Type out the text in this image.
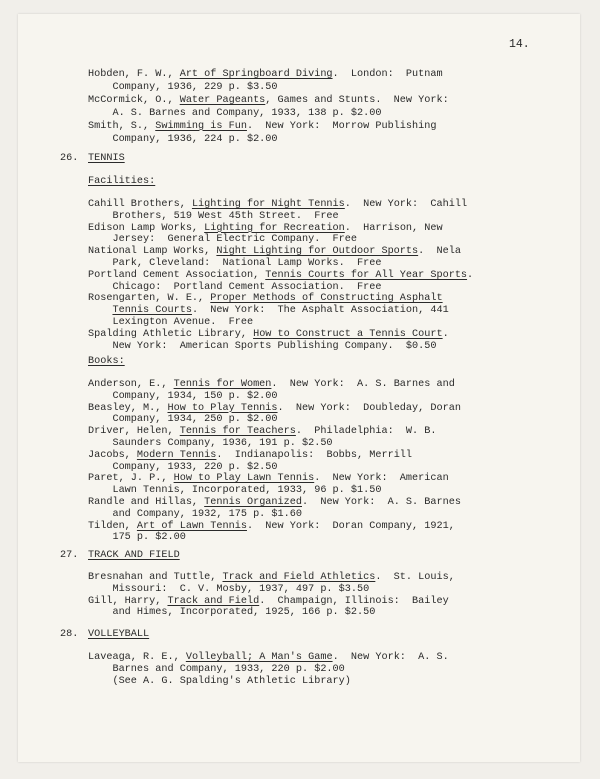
14.
26. TENNIS
Facilities:
Books:
27. TRACK AND FIELD
28. VOLLEYBALL
Hobden, F. W., Art of Springboard Diving.  London:  Putnam
Company, 1936, 229 p. $3.50
McCormick, O., Water Pageants, Games and Stunts.  New York:
A. S. Barnes and Company, 1933, 138 p. $2.00
Smith, S., Swimming is Fun.  New York:  Morrow Publishing
Company, 1936, 224 p. $2.00
Cahill Brothers, Lighting for Night Tennis.  New York:  Cahill
Brothers, 519 West 45th Street.  Free
Edison Lamp Works, Lighting for Recreation.  Harrison, New
Jersey:  General Electric Company.  Free
National Lamp Works, Night Lighting for Outdoor Sports.  Nela
Park, Cleveland:  National Lamp Works.  Free
Portland Cement Association, Tennis Courts for All Year Sports.
Chicago:  Portland Cement Association.  Free
Rosengarten, W. E., Proper Methods of Constructing Asphalt
Tennis Courts.  New York:  The Asphalt Association, 441
Lexington Avenue.  Free
Spalding Athletic Library, How to Construct a Tennis Court.
New York:  American Sports Publishing Company.  $0.50
Anderson, E., Tennis for Women.  New York:  A. S. Barnes and
Company, 1934, 150 p. $2.00
Beasley, M., How to Play Tennis.  New York:  Doubleday, Doran
Company, 1934, 250 p. $2.00
Driver, Helen, Tennis for Teachers.  Philadelphia:  W. B.
Saunders Company, 1936, 191 p. $2.50
Jacobs, Modern Tennis.  Indianapolis:  Bobbs, Merrill
Company, 1933, 220 p. $2.50
Paret, J. P., How to Play Lawn Tennis.  New York:  American
Lawn Tennis, Incorporated, 1933, 96 p. $1.50
Randle and Hillas, Tennis Organized.  New York:  A. S. Barnes
and Company, 1932, 175 p. $1.60
Tilden, Art of Lawn Tennis.  New York:  Doran Company, 1921,
175 p. $2.00
Bresnahan and Tuttle, Track and Field Athletics.  St. Louis,
Missouri:  C. V. Mosby, 1937, 497 p. $3.50
Gill, Harry, Track and Field.  Champaign, Illinois:  Bailey
and Himes, Incorporated, 1925, 166 p. $2.50
Laveaga, R. E., Volleyball; A Man's Game.  New York:  A. S.
Barnes and Company, 1933, 220 p. $2.00
(See A. G. Spalding's Athletic Library)
